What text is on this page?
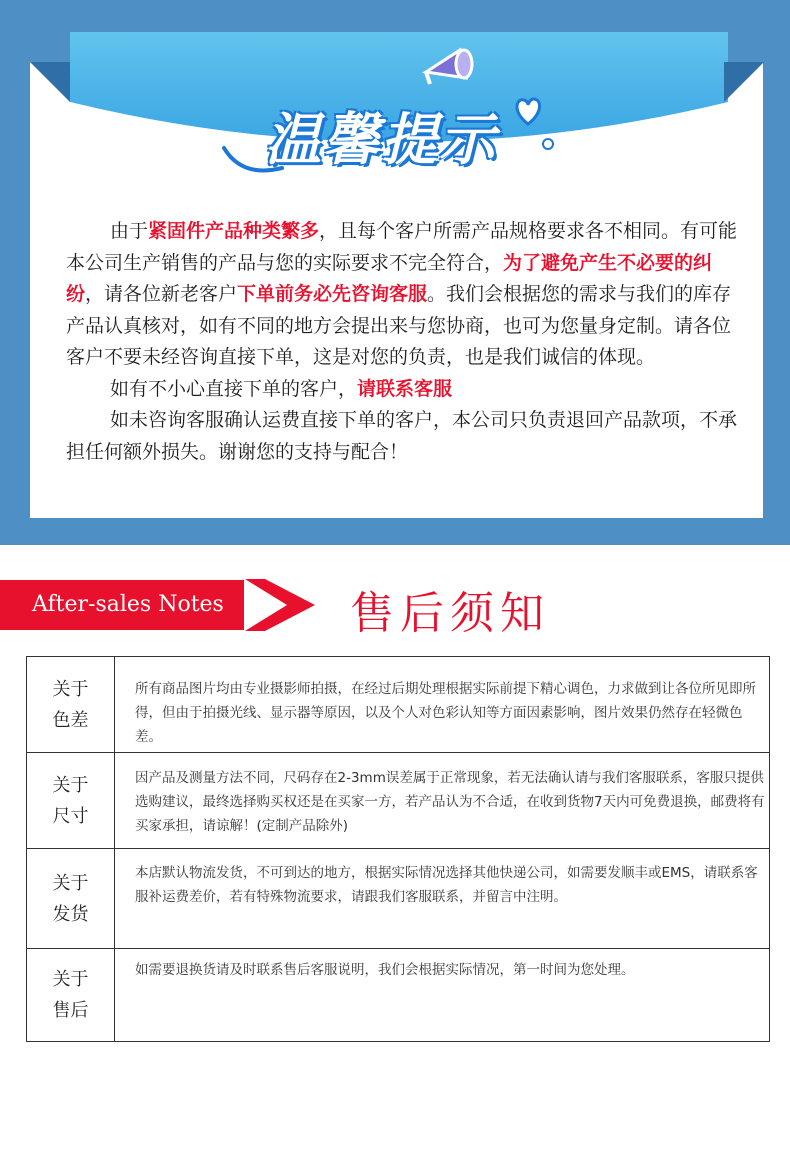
温馨提示

由于紧固件产品种类繁多，且每个客户所需产品规格要求各不相同。有可能本公司生产销售的产品与您的实际要求不完全符合，为了避免产生不必要的纠纷，请各位新老客户下单前务必先咨询客服。我们会根据您的需求与我们的库存产品认真核对，如有不同的地方会提出来与您协商，也可为您量身定制。请各位客户不要未经咨询直接下单，这是对您的负责，也是我们诚信的体现。

如有不小心直接下单的客户，请联系客服

如未咨询客服确认运费直接下单的客户，本公司只负责退回产品款项，不承担任何额外损失。谢谢您的支持与配合！

After-sales Notes	售后须知
关于
色差
所有商品图片均由专业摄影师拍摄，在经过后期处理根据实际前提下精心调色，力求做到让各位所见即所得，但由于拍摄光线、显示器等原因，以及个人对色彩认知等方面因素影响，图片效果仍然存在轻微色差。
关于
尺寸
因产品及测量方法不同，尺码存在2-3mm误差属于正常现象，若无法确认请与我们客服联系，客服只提供选购建议，最终选择购买权还是在买家一方，若产品认为不合适，在收到货物7天内可免费退换，邮费将有买家承担，请谅解！(定制产品除外)
关于
发货
本店默认物流发货，不可到达的地方，根据实际情况选择其他快递公司，如需要发顺丰或EMS，请联系客服补运费差价，若有特殊物流要求，请跟我们客服联系，并留言中注明。
关于
售后
如需要退换货请及时联系售后客服说明，我们会根据实际情况，第一时间为您处理。
